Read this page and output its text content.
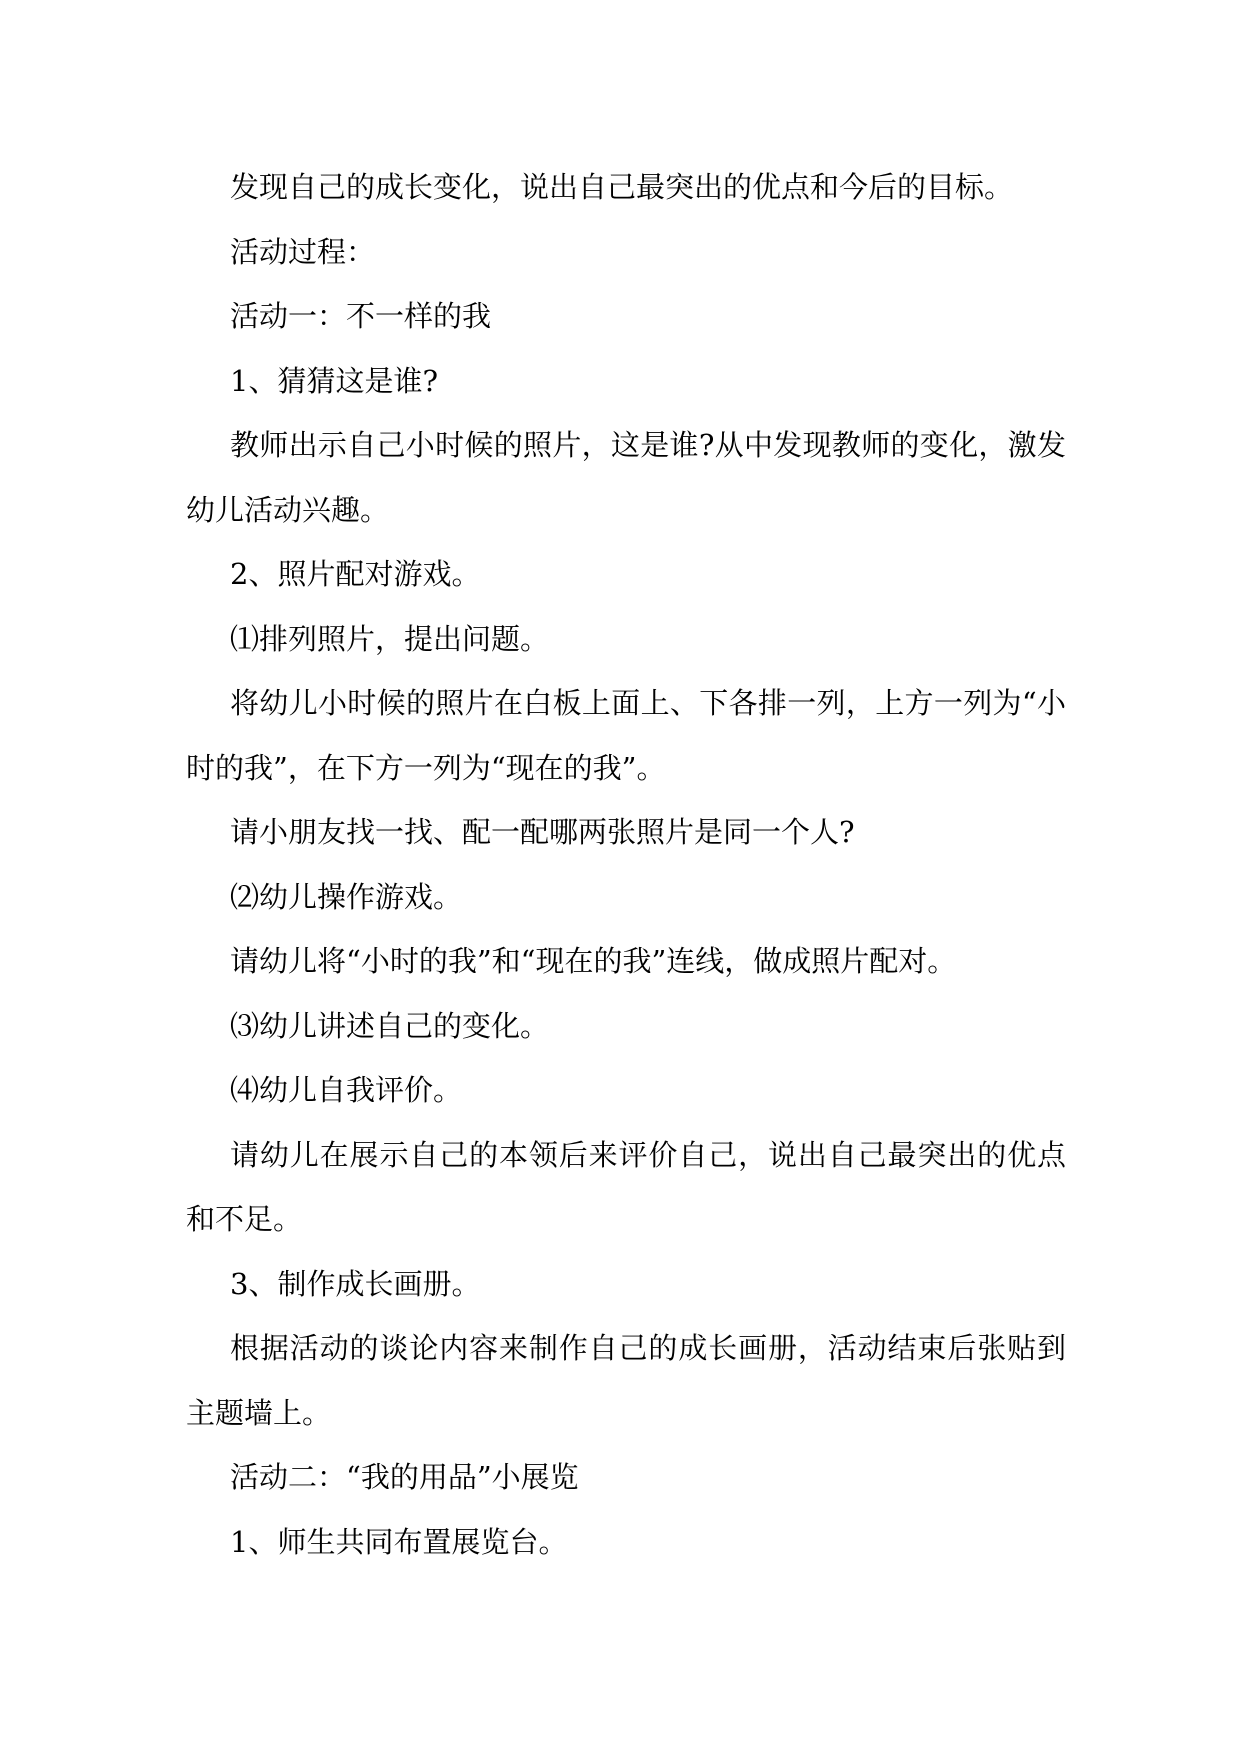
发现自己的成长变化，说出自己最突出的优点和今后的目标。

活动过程：

活动一：不一样的我

1、猜猜这是谁?

教师出示自己小时候的照片，这是谁?从中发现教师的变化，激发幼儿活动兴趣。

2、照片配对游戏。

⑴排列照片，提出问题。

将幼儿小时候的照片在白板上面上、下各排一列，上方一列为“小时的我”，在下方一列为“现在的我”。

请小朋友找一找、配一配哪两张照片是同一个人?

⑵幼儿操作游戏。

请幼儿将“小时的我”和“现在的我”连线，做成照片配对。

⑶幼儿讲述自己的变化。

⑷幼儿自我评价。

请幼儿在展示自己的本领后来评价自己，说出自己最突出的优点和不足。

3、制作成长画册。

根据活动的谈论内容来制作自己的成长画册，活动结束后张贴到主题墙上。

活动二：“我的用品”小展览

1、师生共同布置展览台。
